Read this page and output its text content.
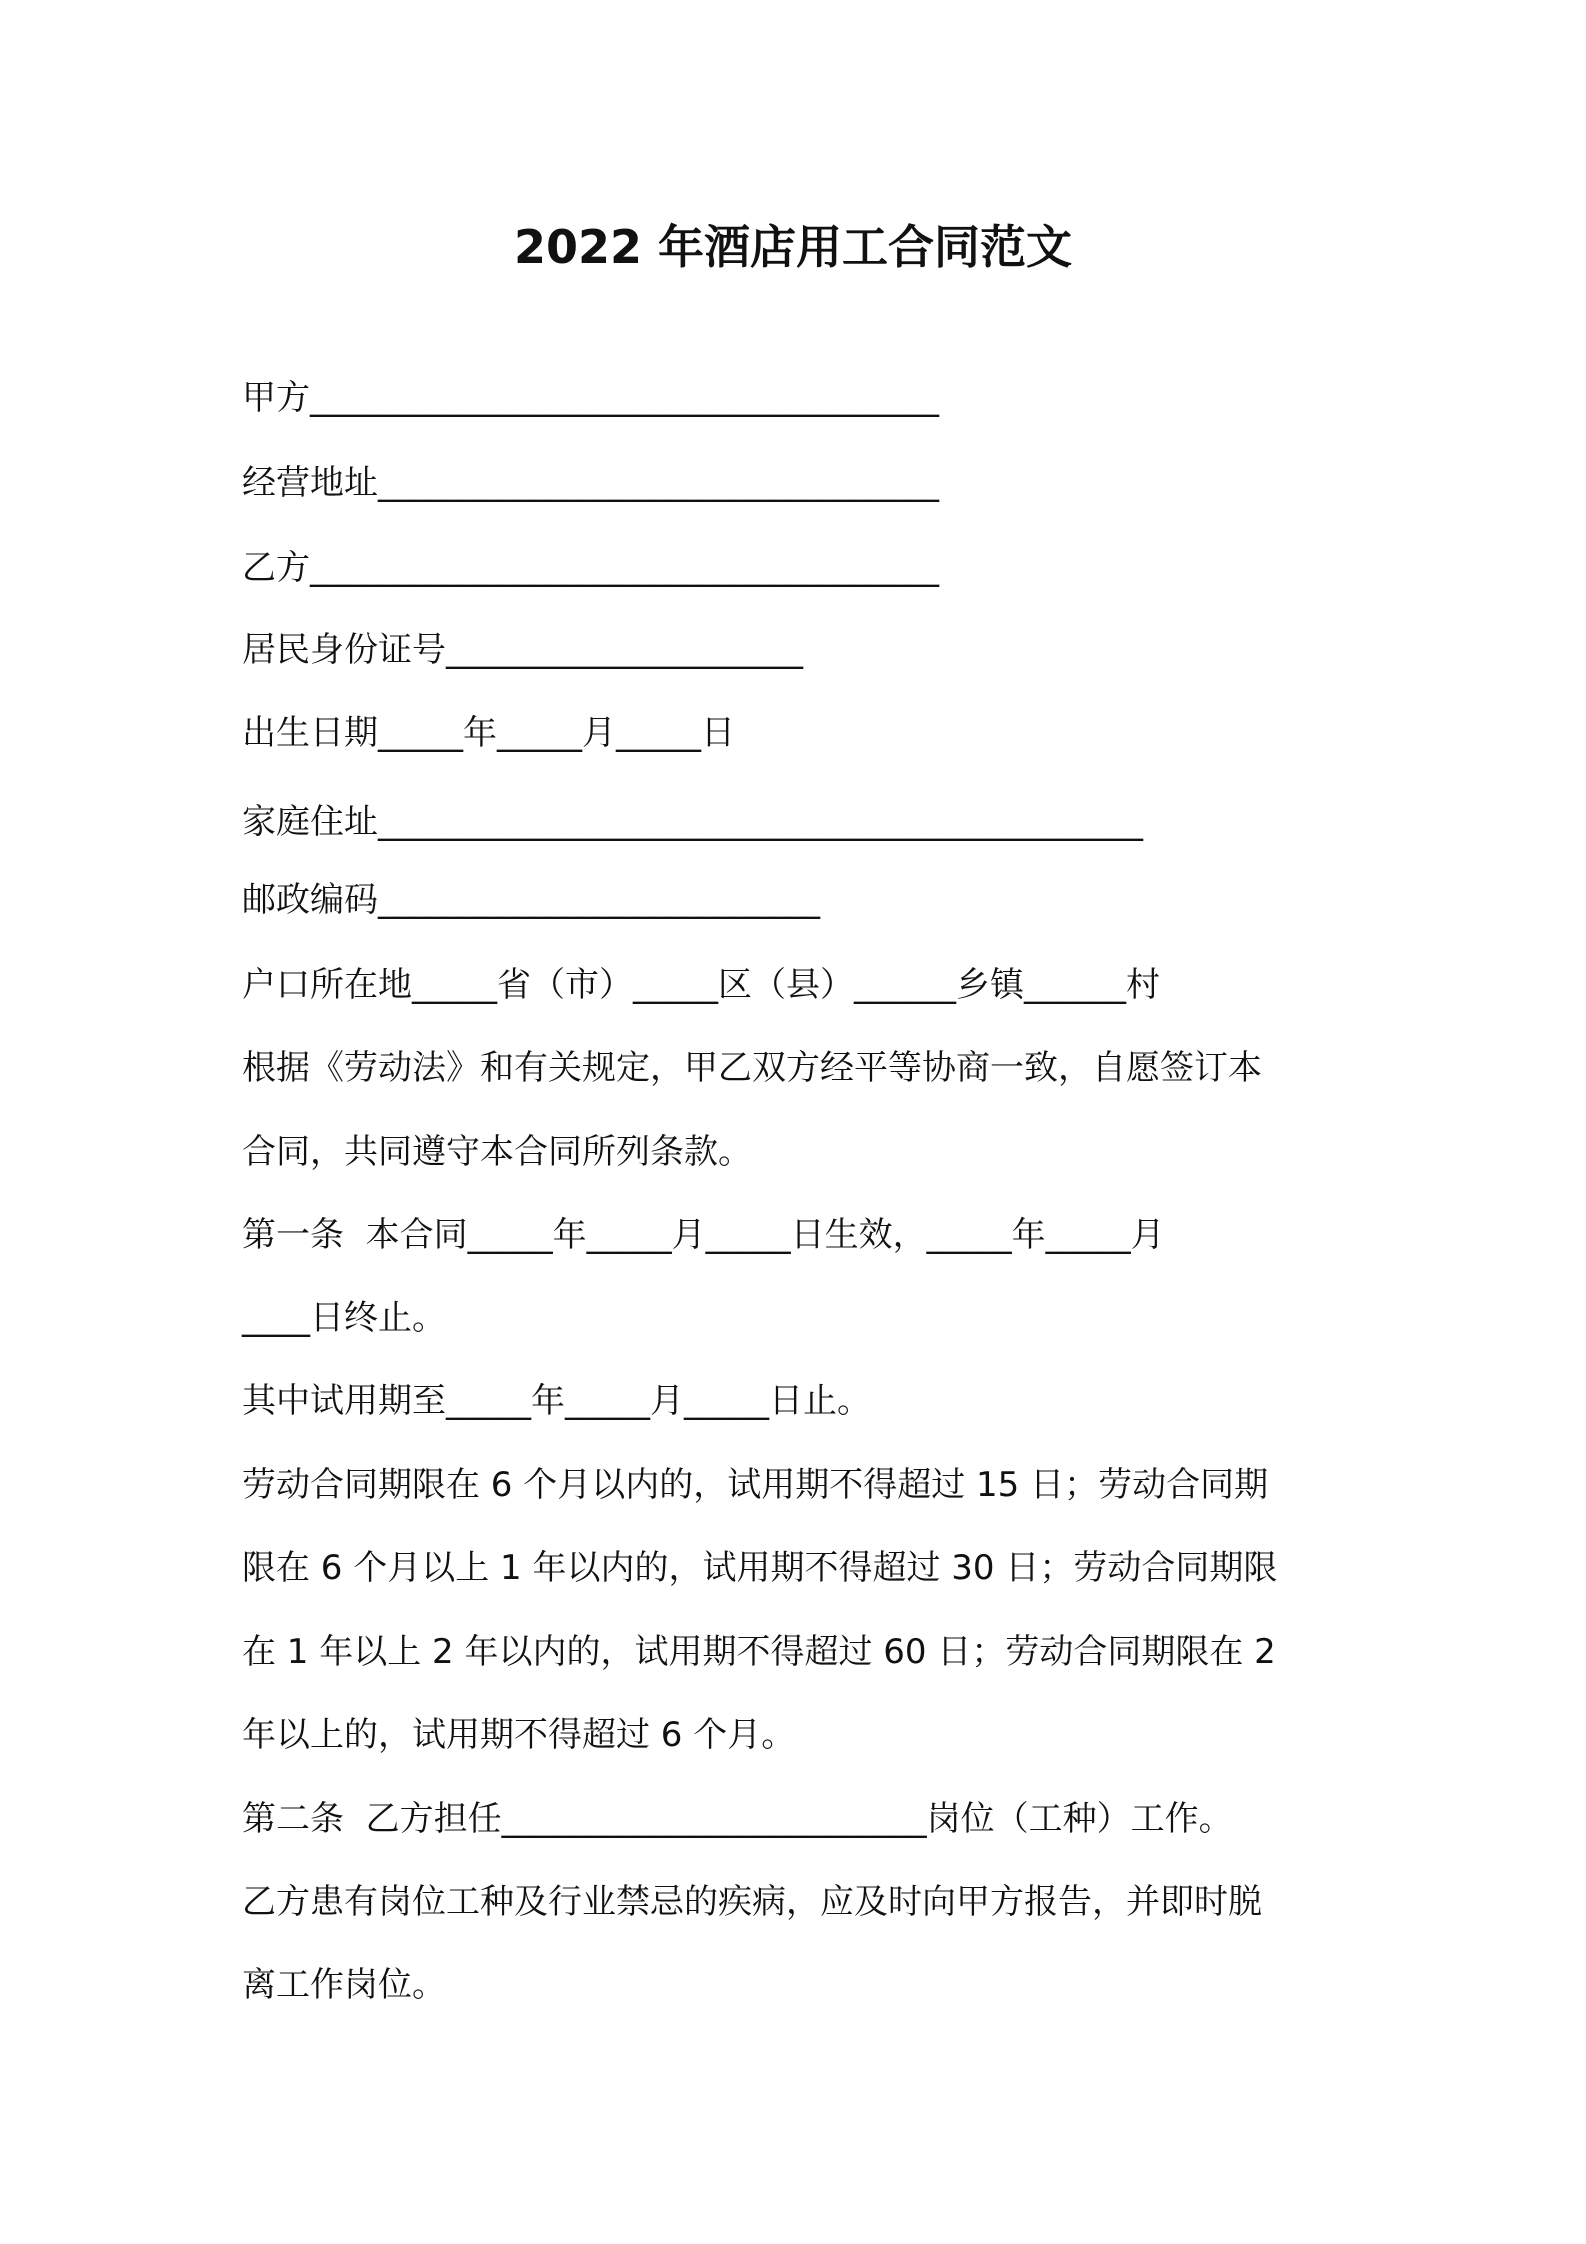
2022 年酒店用工合同范文
甲方_____________________________________
经营地址_________________________________
乙方_____________________________________
居民身份证号_____________________
出生日期_____年_____月_____日
家庭住址_____________________________________________
邮政编码__________________________
户口所在地_____省（市）_____区（县）______乡镇______村
根据《劳动法》和有关规定，甲乙双方经平等协商一致，自愿签订本
合同，共同遵守本合同所列条款。
第一条  本合同_____年_____月_____日生效，_____年_____月
____日终止。
其中试用期至_____年_____月_____日止。
劳动合同期限在 6 个月以内的，试用期不得超过 15 日；劳动合同期
限在 6 个月以上 1 年以内的，试用期不得超过 30 日；劳动合同期限
在 1 年以上 2 年以内的，试用期不得超过 60 日；劳动合同期限在 2
年以上的，试用期不得超过 6 个月。
第二条  乙方担任_________________________岗位（工种）工作。
乙方患有岗位工种及行业禁忌的疾病，应及时向甲方报告，并即时脱
离工作岗位。
